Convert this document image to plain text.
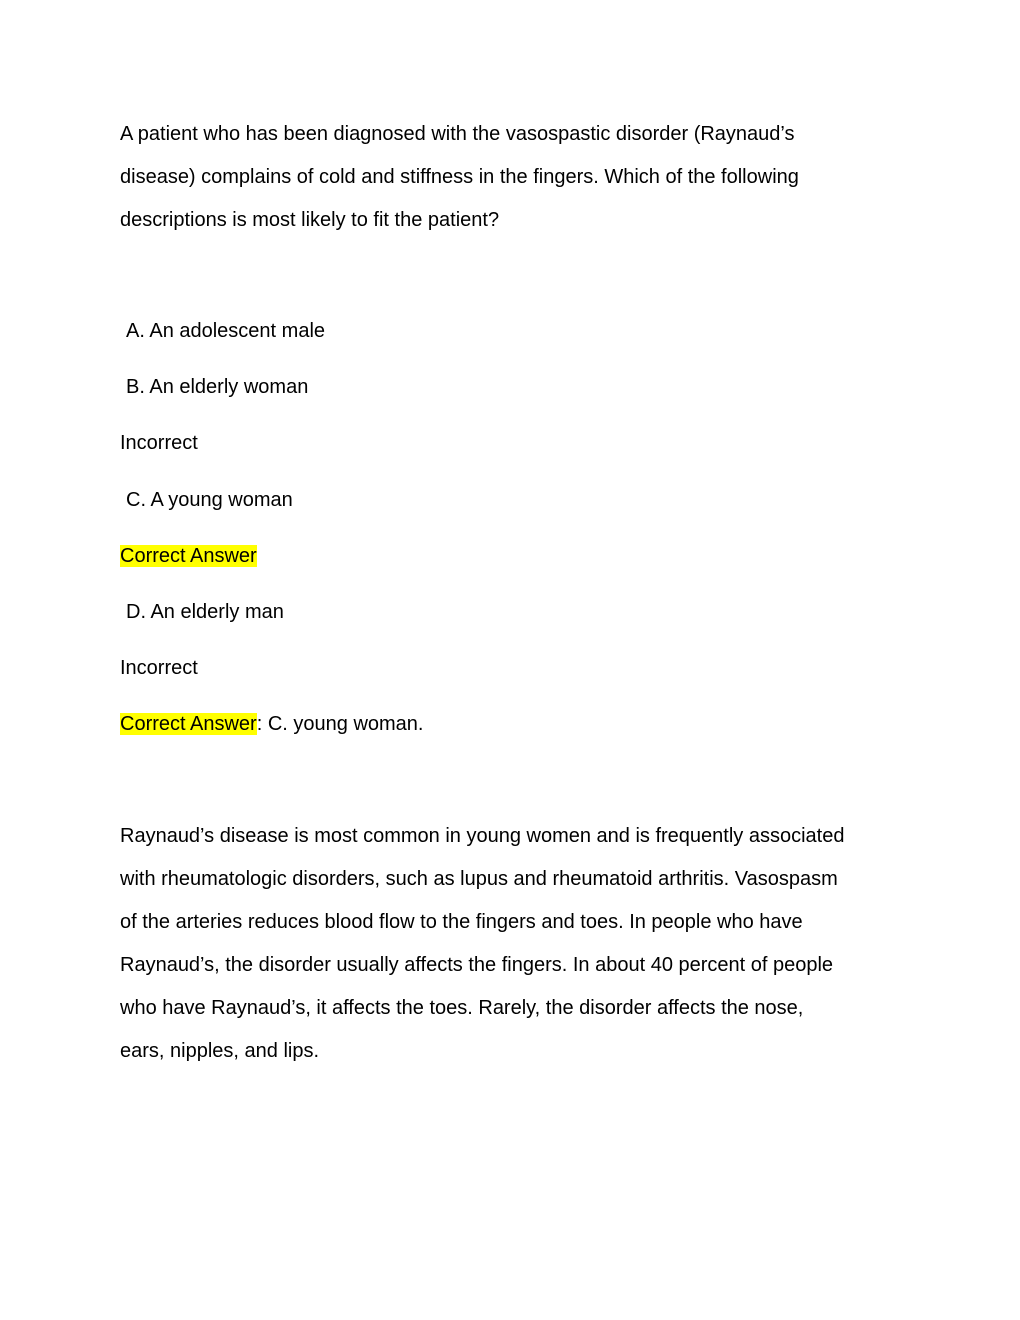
A patient who has been diagnosed with the vasospastic disorder (Raynaud’s
disease) complains of cold and stiffness in the fingers. Which of the following
descriptions is most likely to fit the patient?
A. An adolescent male
B. An elderly woman
Incorrect
C. A young woman
Correct Answer
D. An elderly man
Incorrect
Correct Answer: C. young woman.
Raynaud’s disease is most common in young women and is frequently associated
with rheumatologic disorders, such as lupus and rheumatoid arthritis. Vasospasm
of the arteries reduces blood flow to the fingers and toes. In people who have
Raynaud’s, the disorder usually affects the fingers. In about 40 percent of people
who have Raynaud’s, it affects the toes. Rarely, the disorder affects the nose,
ears, nipples, and lips.
